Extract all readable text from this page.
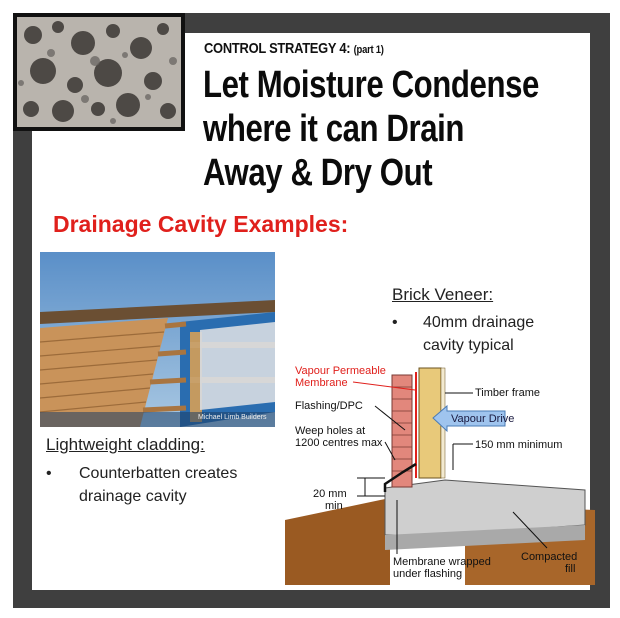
CONTROL STRATEGY 4: (part 1)
Let Moisture Condense
where it can Drain
Away & Dry Out
Drainage Cavity Examples:
Michael Limb Builders
Lightweight cladding:
• Counterbatten creates drainage cavity
Brick Veneer:
• 40mm drainage cavity typical
Vapour Drive
Vapour Permeable
Membrane
Flashing/DPC
Weep holes at
1200 centres max
20 mm
min
Timber frame
150 mm minimum
Membrane wrapped
under flashing
Compacted
fill
